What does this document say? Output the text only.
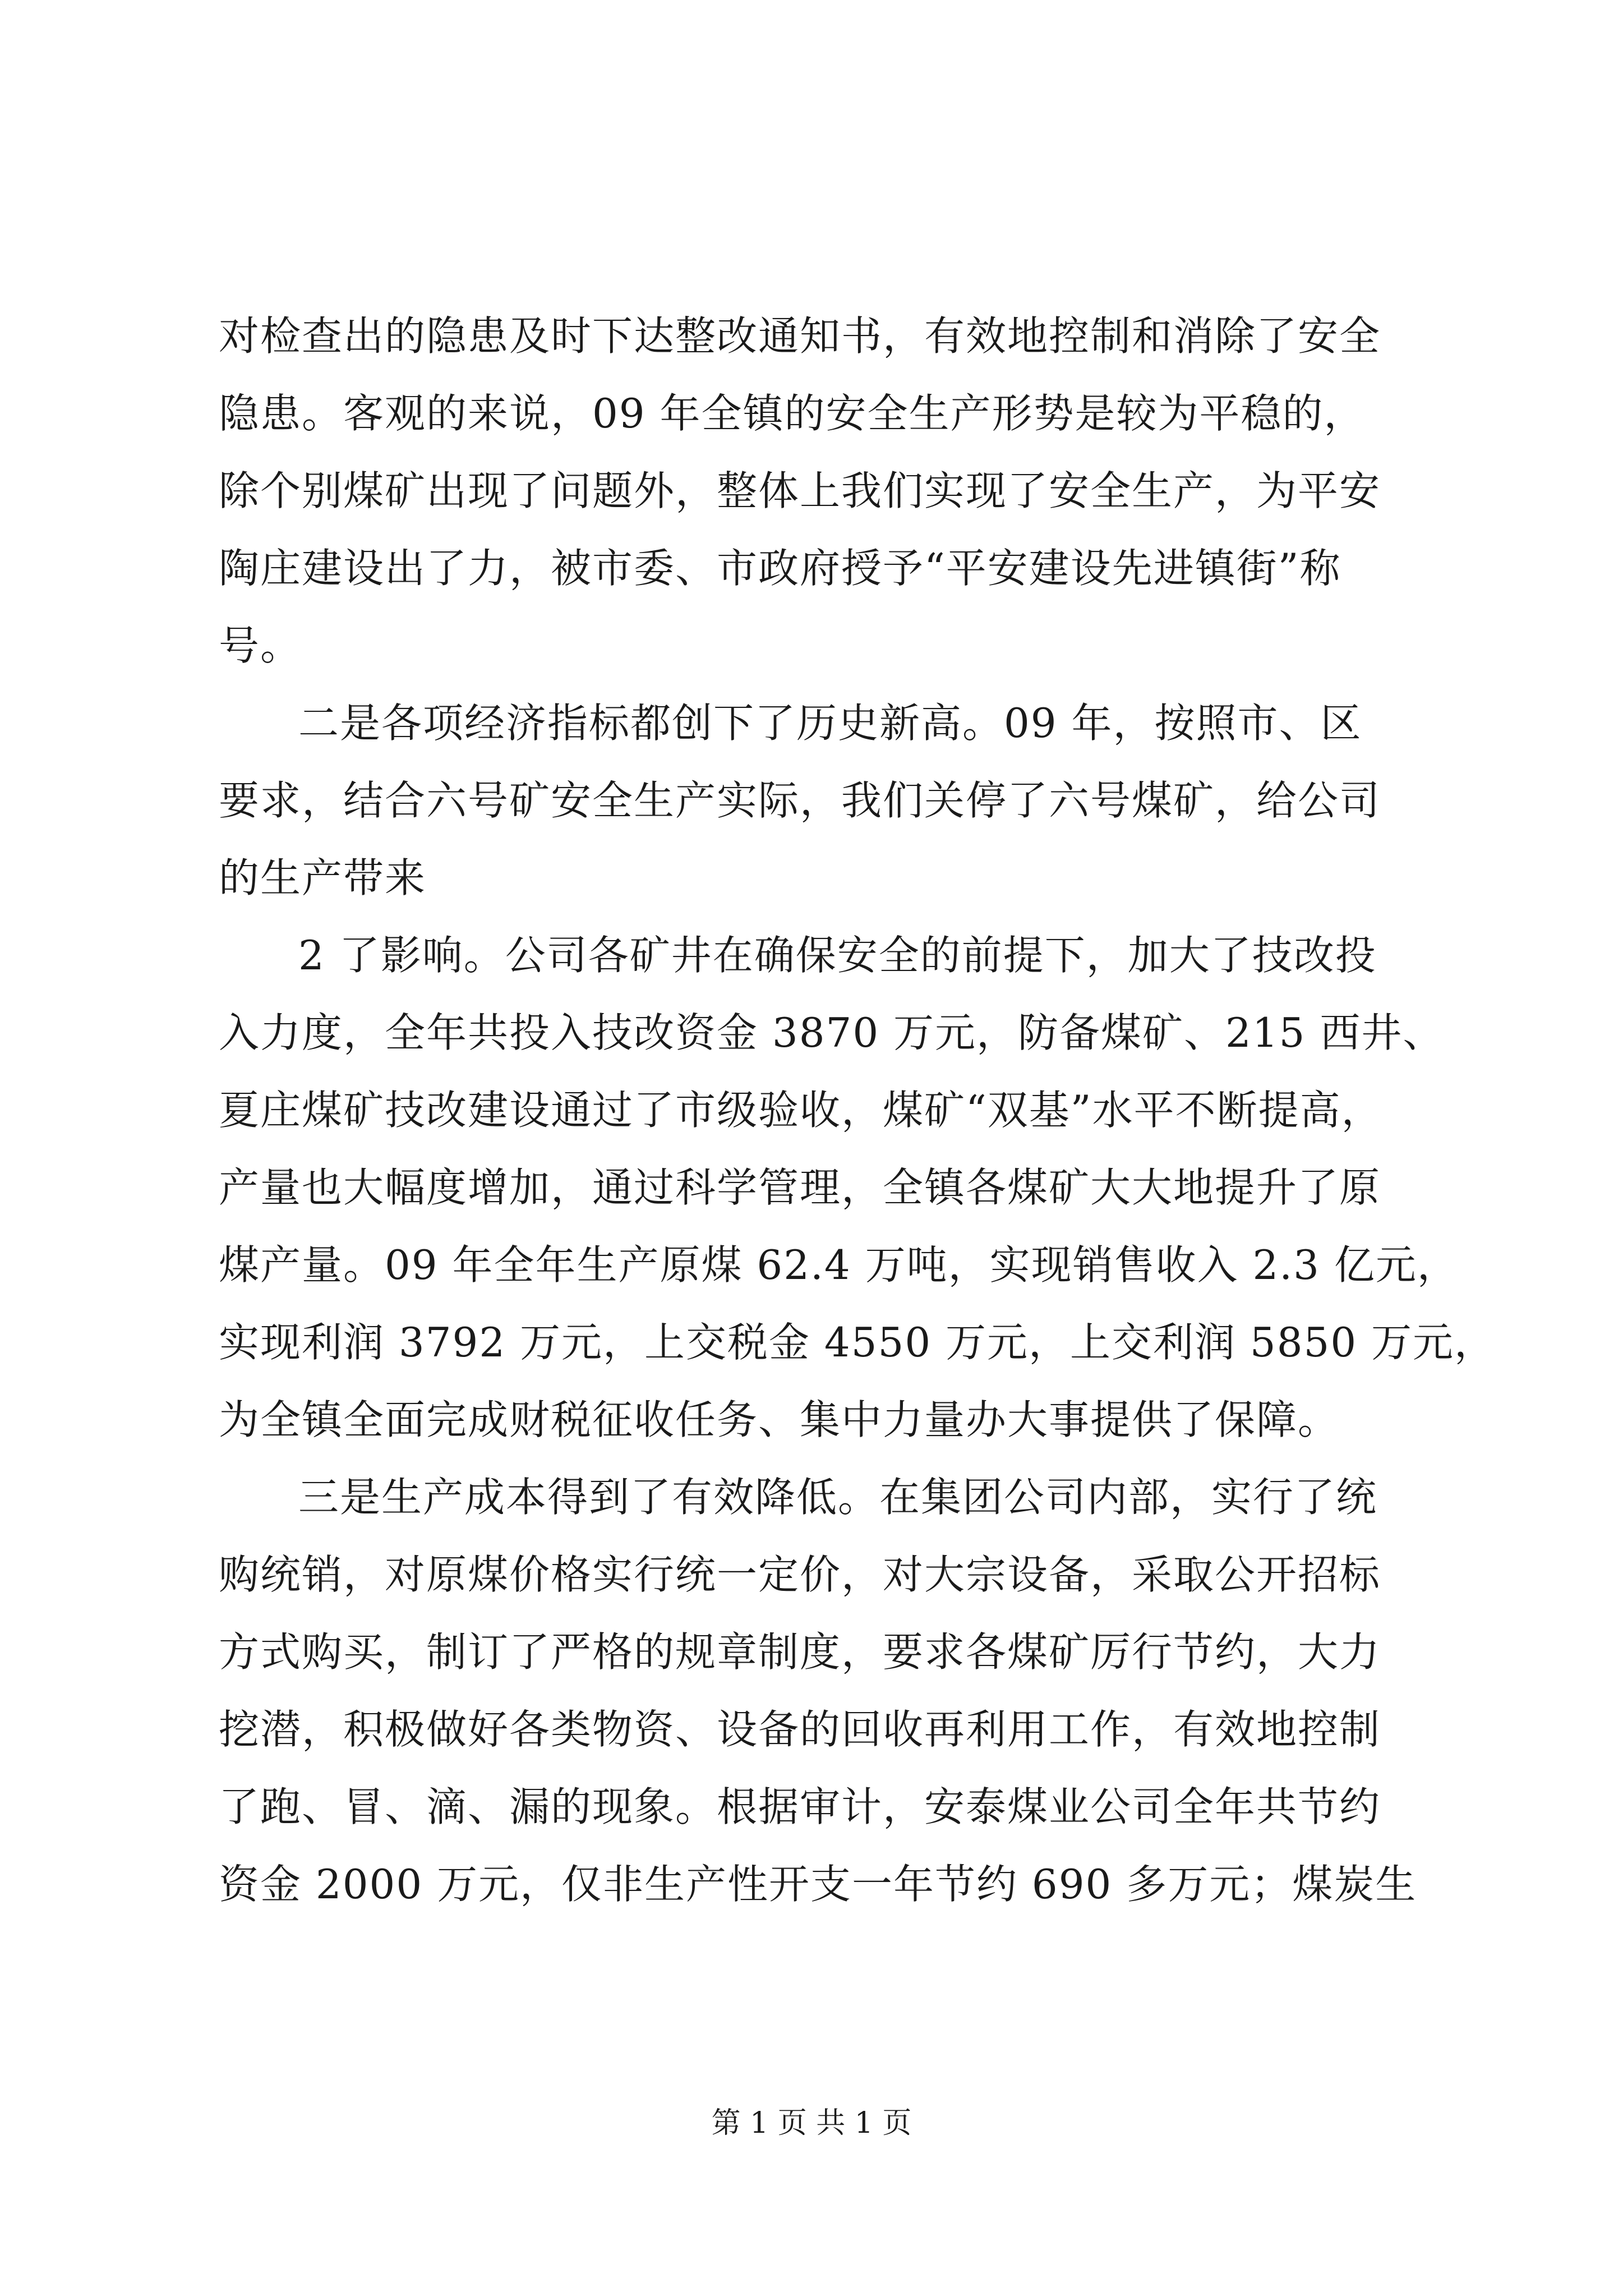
对检查出的隐患及时下达整改通知书，有效地控制和消除了安全
隐患。客观的来说，09 年全镇的安全生产形势是较为平稳的，
除个别煤矿出现了问题外，整体上我们实现了安全生产，为平安
陶庄建设出了力，被市委、市政府授予“平安建设先进镇街”称
号。
二是各项经济指标都创下了历史新高。09 年，按照市、区
要求，结合六号矿安全生产实际，我们关停了六号煤矿，给公司
的生产带来
2 了影响。公司各矿井在确保安全的前提下，加大了技改投
入力度，全年共投入技改资金 3870 万元，防备煤矿、215 西井、
夏庄煤矿技改建设通过了市级验收，煤矿“双基”水平不断提高，
产量也大幅度增加，通过科学管理，全镇各煤矿大大地提升了原
煤产量。09 年全年生产原煤 62.4 万吨，实现销售收入 2.3 亿元，
实现利润 3792 万元，上交税金 4550 万元，上交利润 5850 万元，
为全镇全面完成财税征收任务、集中力量办大事提供了保障。
三是生产成本得到了有效降低。在集团公司内部，实行了统
购统销，对原煤价格实行统一定价，对大宗设备，采取公开招标
方式购买，制订了严格的规章制度，要求各煤矿厉行节约，大力
挖潜，积极做好各类物资、设备的回收再利用工作，有效地控制
了跑、冒、滴、漏的现象。根据审计，安泰煤业公司全年共节约
资金 2000 万元，仅非生产性开支一年节约 690 多万元；煤炭生
第 1 页 共 1 页
